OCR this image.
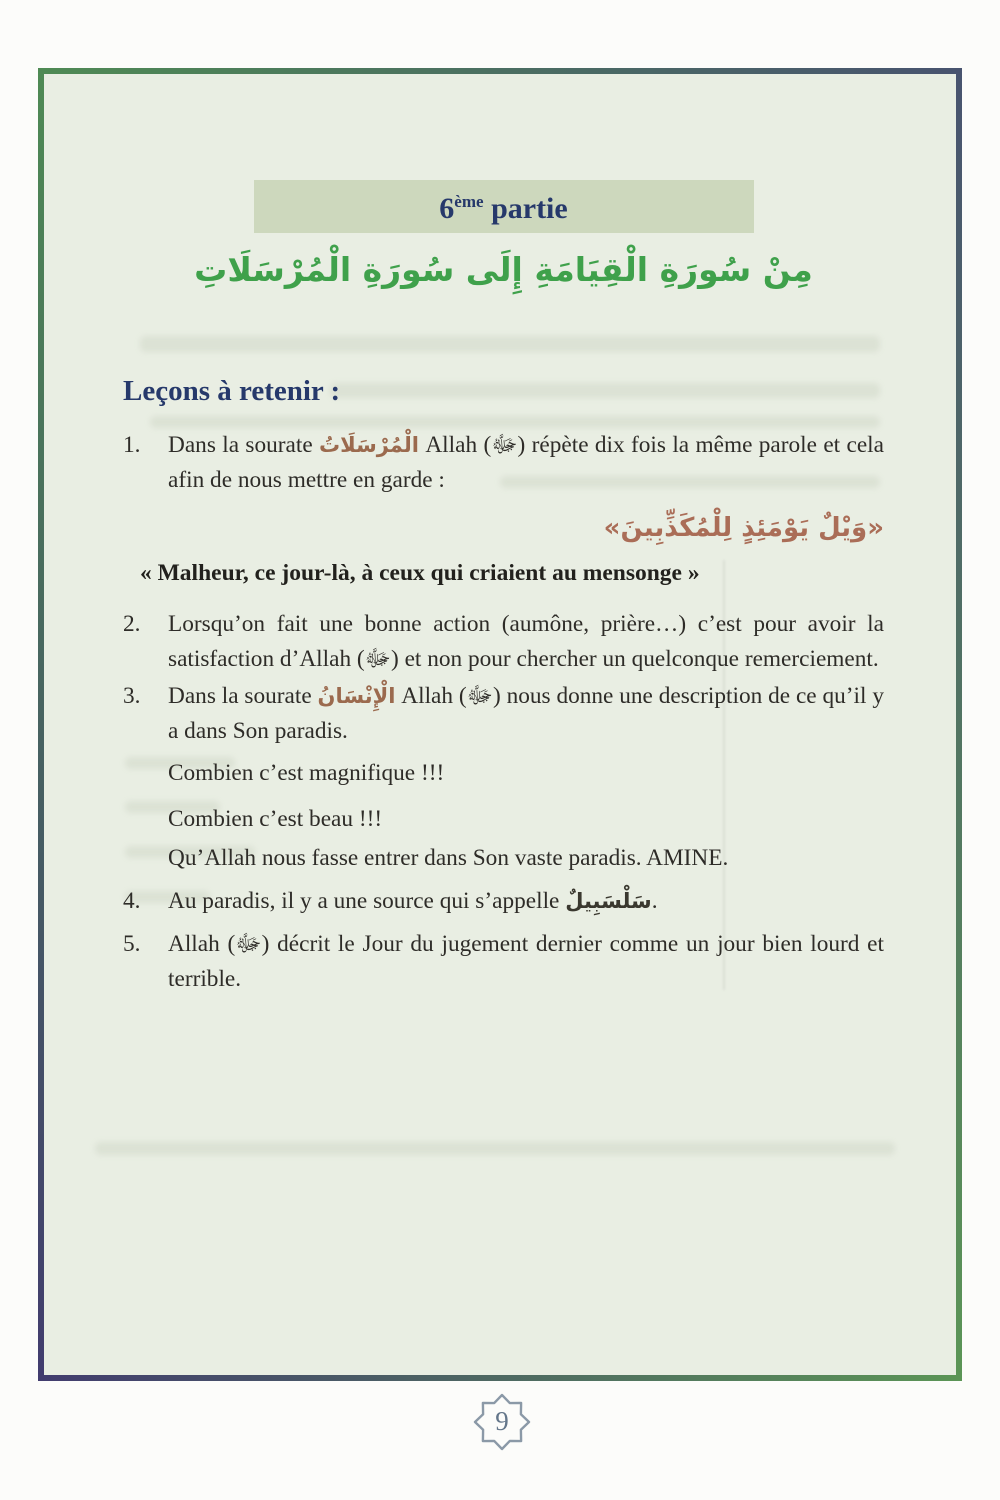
6ème partie
مِنْ سُورَةِ الْقِيَامَةِ إِلَى سُورَةِ الْمُرْسَلَاتِ
Leçons à retenir :
1.	Dans la sourate الْمُرْسَلَاتُ Allah (ﷻ) répète dix fois la même parole et cela afin de nous mettre en garde :
«وَيْلٌ يَوْمَئِذٍ لِلْمُكَذِّبِينَ»
« Malheur, ce jour-là, à ceux qui criaient au mensonge »
2.	Lorsqu’on fait une bonne action (aumône, prière…) c’est pour avoir la satisfaction d’Allah (ﷻ) et non pour chercher un quelconque remerciement.
3.	Dans la sourate الْإِنْسَانُ Allah (ﷻ) nous donne une description de ce qu’il y a dans Son paradis.
Combien c’est magnifique !!!
Combien c’est beau !!!
Qu’Allah nous fasse entrer dans Son vaste paradis. AMINE.
4.	Au paradis, il y a une source qui s’appelle سَلْسَبِيلٌ.
5.	Allah (ﷻ) décrit le Jour du jugement dernier comme un jour bien lourd et terrible.
9
